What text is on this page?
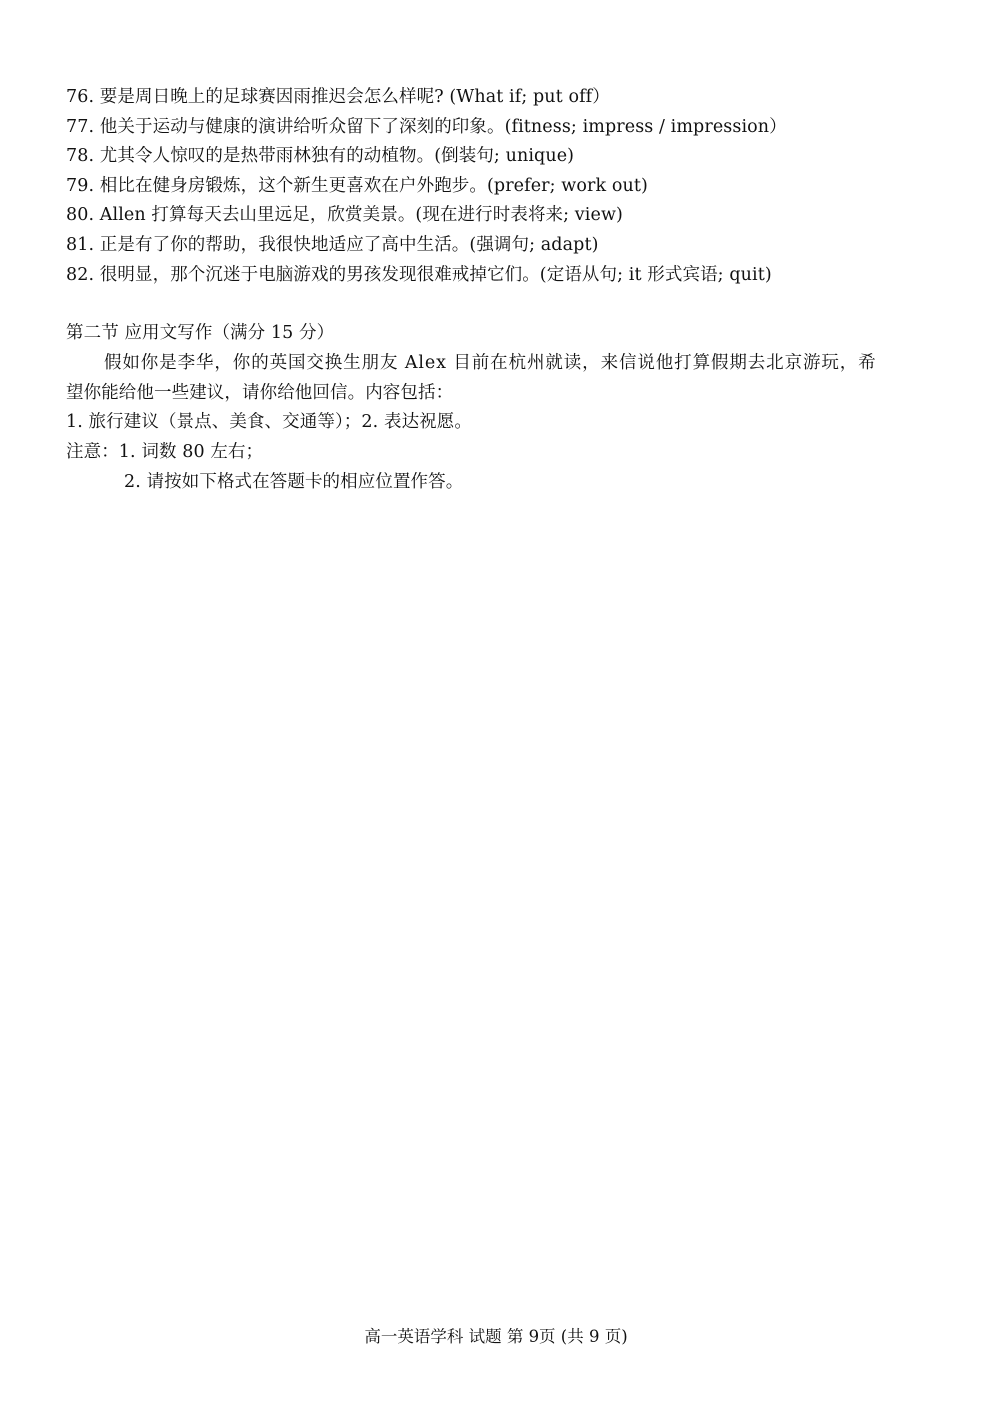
76. 要是周日晚上的足球赛因雨推迟会怎么样呢? (What if; put off）
77. 他关于运动与健康的演讲给听众留下了深刻的印象。(fitness; impress / impression）
78. 尤其令人惊叹的是热带雨林独有的动植物。(倒装句; unique)
79. 相比在健身房锻炼，这个新生更喜欢在户外跑步。(prefer; work out)
80. Allen 打算每天去山里远足，欣赏美景。(现在进行时表将来; view)
81. 正是有了你的帮助，我很快地适应了高中生活。(强调句; adapt)
82. 很明显，那个沉迷于电脑游戏的男孩发现很难戒掉它们。(定语从句; it 形式宾语; quit)
第二节 应用文写作（满分 15 分）
假如你是李华，你的英国交换生朋友 Alex 目前在杭州就读，来信说他打算假期去北京游玩，希
望你能给他一些建议，请你给他回信。内容包括：
1. 旅行建议（景点、美食、交通等）；2. 表达祝愿。
注意：1. 词数 80 左右；
2. 请按如下格式在答题卡的相应位置作答。
高一英语学科 试题 第 9页 (共 9 页)
